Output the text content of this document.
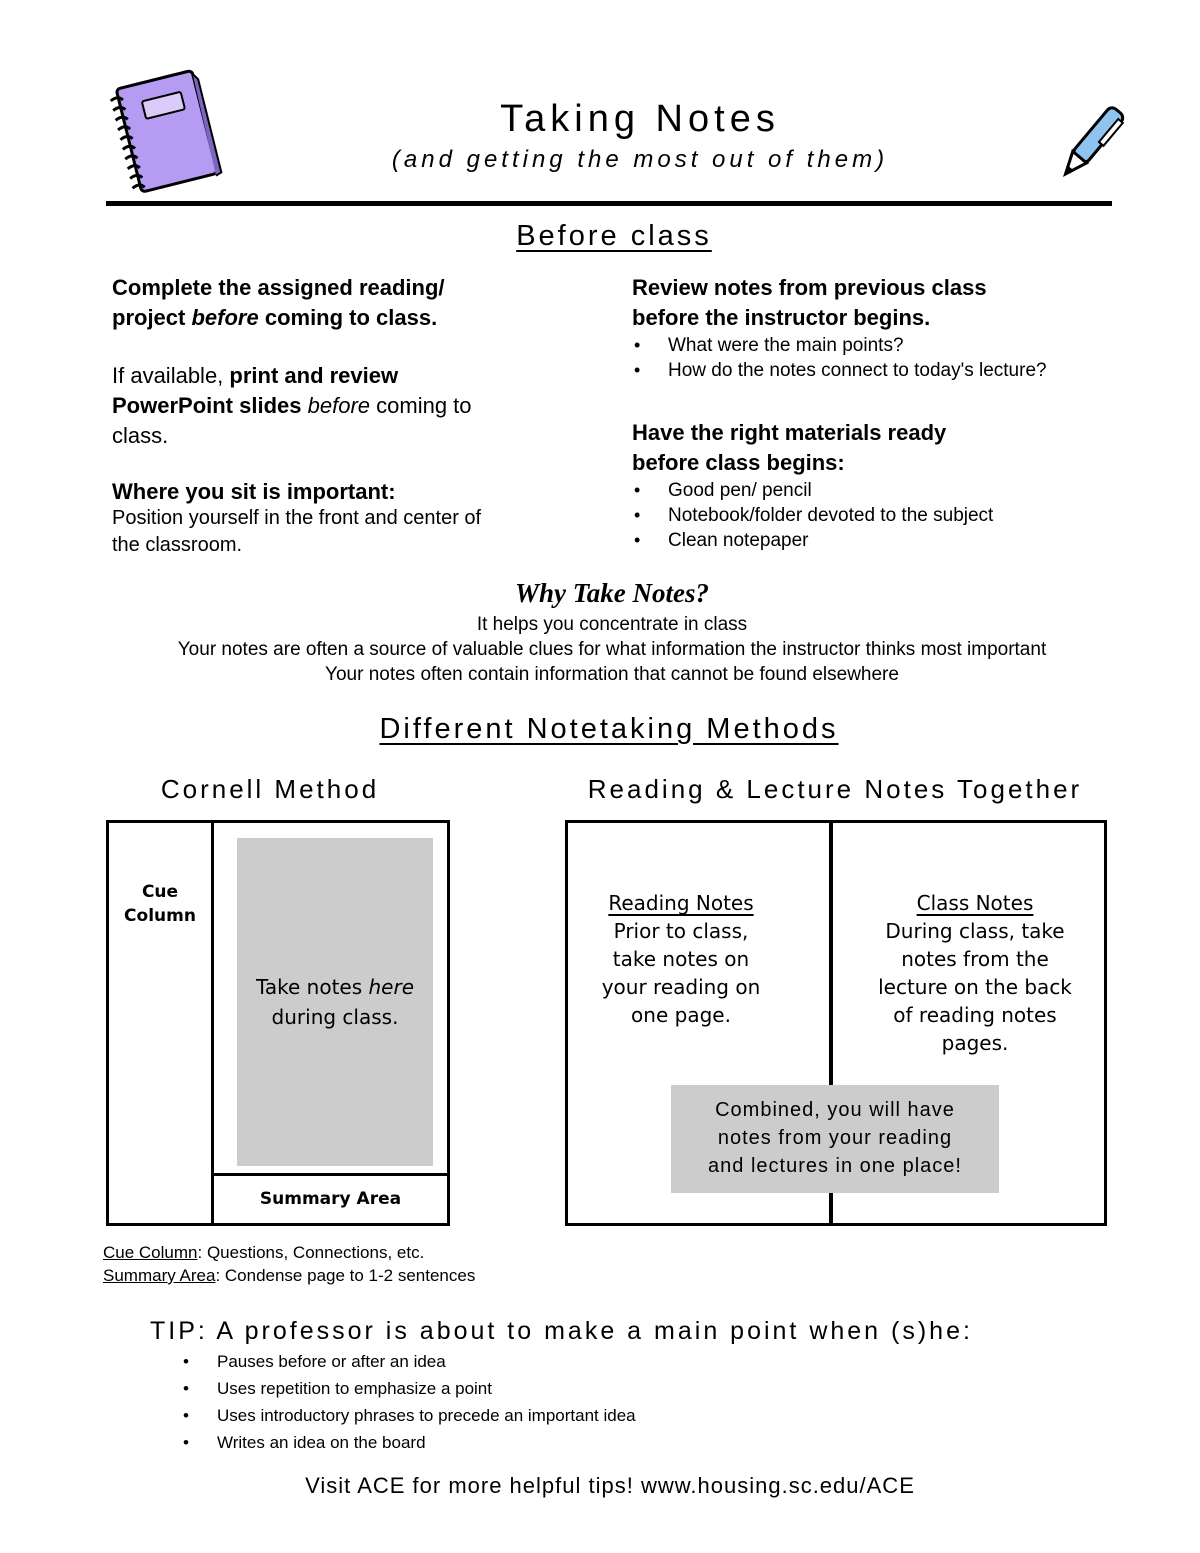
Taking Notes
(and getting the most out of them)
Before class

Complete the assigned reading/
project before coming to class.

If available, print and review
PowerPoint slides before coming to
class.

Where you sit is important:

Position yourself in the front and center of
the classroom.

Review notes from previous class
before the instructor begins.

• What were the main points?
• How do the notes connect to today's lecture?

Have the right materials ready
before class begins:

• Good pen/ pencil
• Notebook/folder devoted to the subject
• Clean notepaper
Why Take Notes?
It helps you concentrate in class
Your notes are often a source of valuable clues for what information the instructor thinks most important
Your notes often contain information that cannot be found elsewhere
Different Notetaking Methods
Cornell Method	Reading & Lecture Notes Together
Cue
Column
Take notes here
during class.
Summary Area
Reading Notes
Prior to class,
take notes on
your reading on
one page.
Class Notes
During class, take
notes from the
lecture on the back
of reading notes
pages.
Combined, you will have
notes from your reading
and lectures in one place!
Cue Column: Questions, Connections, etc.
Summary Area: Condense page to 1-2 sentences
TIP: A professor is about to make a main point when (s)he:
• Pauses before or after an idea
• Uses repetition to emphasize a point
• Uses introductory phrases to precede an important idea
• Writes an idea on the board
Visit ACE for more helpful tips! www.housing.sc.edu/ACE
